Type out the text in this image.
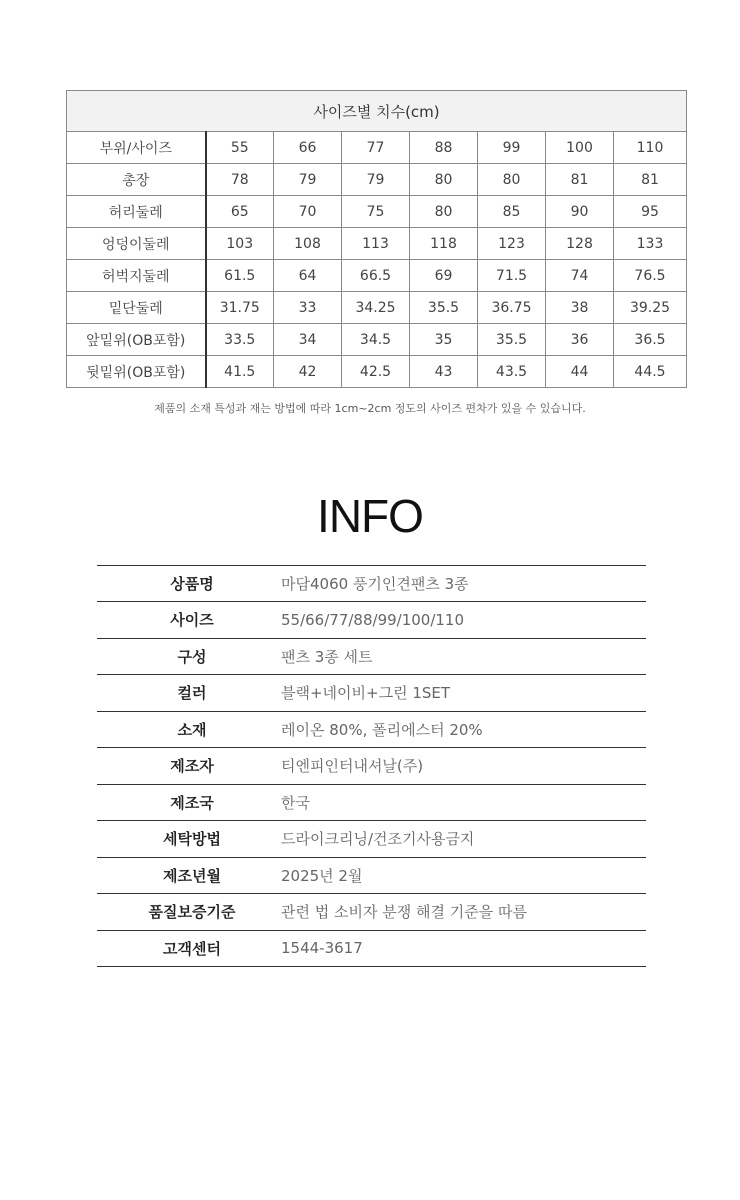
사이즈별 치수(cm)							
부위/사이즈	55	66	77	88	99	100	110
총장	78	79	79	80	80	81	81
허리둘레	65	70	75	80	85	90	95
엉덩이둘레	103	108	113	118	123	128	133
허벅지둘레	61.5	64	66.5	69	71.5	74	76.5
밑단둘레	31.75	33	34.25	35.5	36.75	38	39.25
앞밑위(OB포함)	33.5	34	34.5	35	35.5	36	36.5
뒷밑위(OB포함)	41.5	42	42.5	43	43.5	44	44.5

제품의 소재 특성과 재는 방법에 따라 1cm~2cm 정도의 사이즈 편차가 있을 수 있습니다.

INFO
상품명	마담4060 풍기인견팬츠 3종
사이즈	55/66/77/88/99/100/110
구성	팬츠 3종 세트
컬러	블랙+네이비+그린 1SET
소재	레이온 80%, 폴리에스터 20%
제조자	티엔피인터내셔날(주)
제조국	한국
세탁방법	드라이크리닝/건조기사용금지
제조년월	2025년 2월
품질보증기준	관련 법 소비자 분쟁 해결 기준을 따름
고객센터	1544-3617
